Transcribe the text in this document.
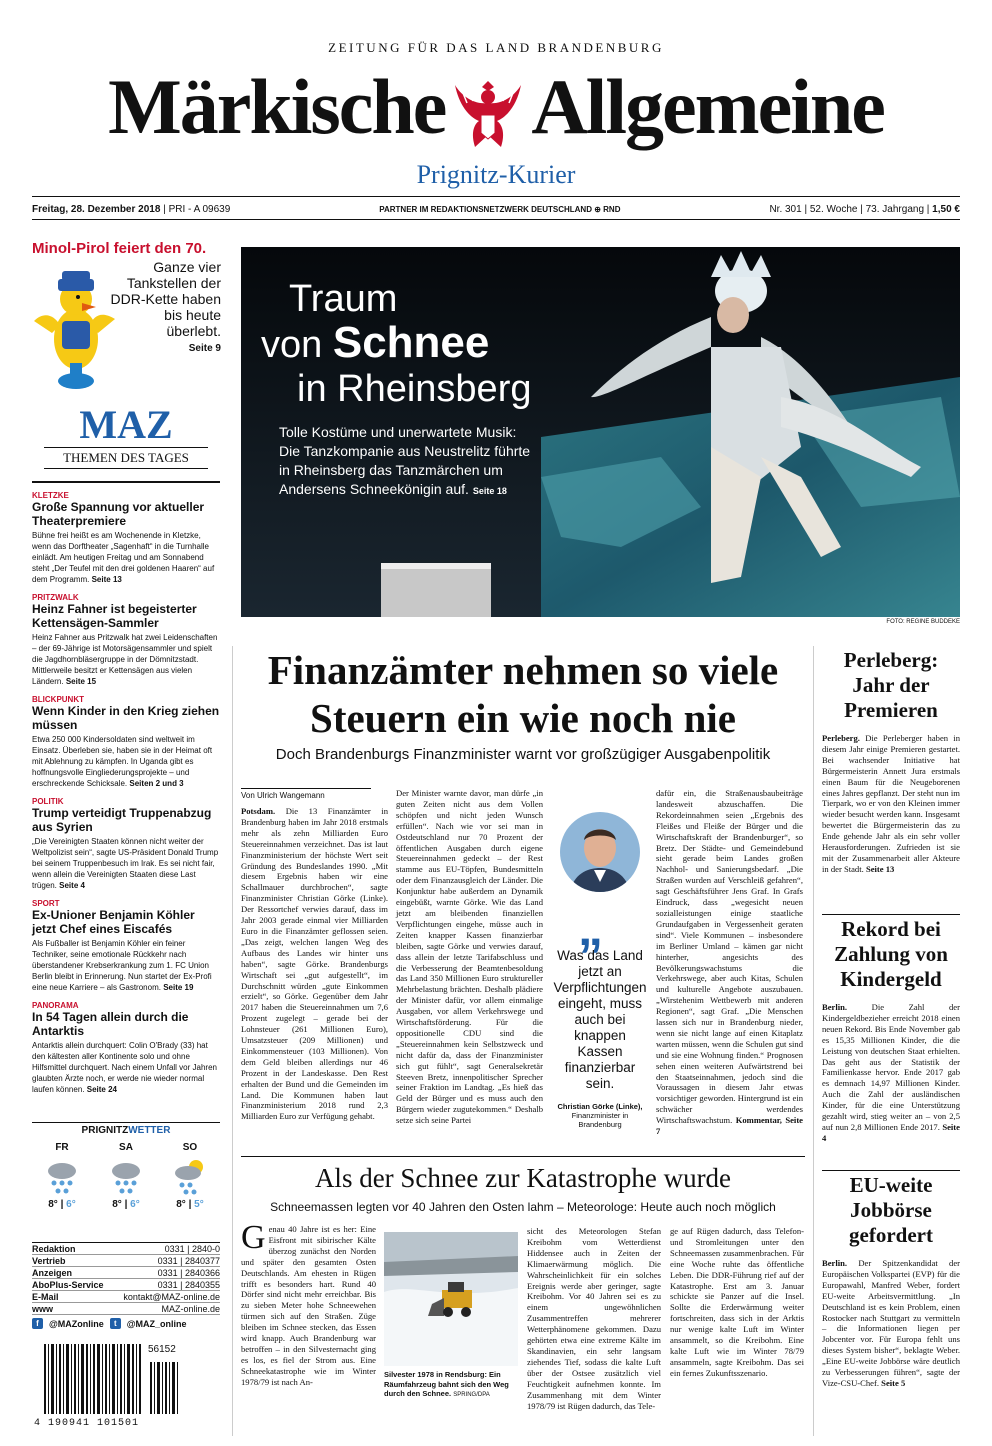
ZEITUNG FÜR DAS LAND BRANDENBURG
Märkische Allgemeine
Prignitz-Kurier
Freitag, 28. Dezember 2018 | PRI - A 09639	PARTNER IM REDAKTIONSNETZWERK DEUTSCHLAND ⊕ RND	Nr. 301 | 52. Woche | 73. Jahrgang | 1,50 €
Minol-Pirol feiert den 70.
Ganze vier Tankstellen der DDR-Kette haben bis heute überlebt.
Seite 9
MAZ
THEMEN DES TAGES
KLETZKE
Große Spannung vor aktueller Theaterpremiere
Bühne frei heißt es am Wochenende in Kletzke, wenn das Dorftheater „Sagenhaft“ in die Turnhalle einlädt. Am heutigen Freitag und am Sonnabend steht „Der Teufel mit den drei goldenen Haaren“ auf dem Programm. Seite 13
PRITZWALK
Heinz Fahner ist begeisterter Kettensägen-Sammler
Heinz Fahner aus Pritzwalk hat zwei Leidenschaften – der 69-Jährige ist Motorsägensammler und spielt die Jagdhornbläsergruppe in der Dömnitzstadt. Mittlerweile besitzt er Kettensägen aus vielen Ländern. Seite 15
BLICKPUNKT
Wenn Kinder in den Krieg ziehen müssen
Etwa 250 000 Kindersoldaten sind weltweit im Einsatz. Überleben sie, haben sie in der Heimat oft mit Ablehnung zu kämpfen. In Uganda gibt es hoffnungsvolle Eingliederungsprojekte – und erschreckende Schicksale. Seiten 2 und 3
POLITIK
Trump verteidigt Truppenabzug aus Syrien
„Die Vereinigten Staaten können nicht weiter der Weltpolizist sein“, sagte US-Präsident Donald Trump bei seinem Truppenbesuch im Irak. Es sei nicht fair, wenn allein die Vereinigten Staaten diese Last trügen. Seite 4
SPORT
Ex-Unioner Benjamin Köhler jetzt Chef eines Eiscafés
Als Fußballer ist Benjamin Köhler ein feiner Techniker, seine emotionale Rückkehr nach überstandener Krebserkrankung zum 1. FC Union Berlin bleibt in Erinnerung. Nun startet der Ex-Profi eine neue Karriere – als Gastronom. Seite 19
PANORAMA
In 54 Tagen allein durch die Antarktis
Antarktis allein durchquert: Colin O'Brady (33) hat den kältesten aller Kontinente solo und ohne Hilfsmittel durchquert. Nach einem Unfall vor Jahren glaubten Ärzte noch, er werde nie wieder normal laufen können. Seite 24
PRIGNITZWETTER
FR
8° | 6°
SA
8° | 6°
SO
8° | 5°
Redaktion	0331 | 2840-0
Vertrieb	0331 | 2840377
Anzeigen	0331 | 2840366
AboPlus-Service	0331 | 2840355
E-Mail	kontakt@MAZ-online.de
www	MAZ-online.de
f	@MAZonline	t	@MAZ_online
56152
4 190941 101501
Traum
von Schnee
in Rheinsberg
Tolle Kostüme und unerwartete Musik: Die Tanzkompanie aus Neustrelitz führte in Rheinsberg das Tanzmärchen um Andersens Schneekönigin auf. Seite 18
FOTO: REGINE BUDDEKE
Finanzämter nehmen so viele Steuern ein wie noch nie
Doch Brandenburgs Finanzminister warnt vor großzügiger Ausgabenpolitik
Von Ulrich Wangemann
Potsdam. Die 13 Finanzämter in Brandenburg haben im Jahr 2018 erstmals mehr als zehn Milliarden Euro Steuereinnahmen verzeichnet. Das ist laut Finanzministerium der höchste Wert seit Gründung des Bundeslandes 1990. „Mit diesem Ergebnis haben wir eine Schallmauer durchbrochen“, sagte Finanzminister Christian Görke (Linke). Der Ressortchef verwies darauf, dass im Jahr 2003 gerade einmal vier Milliarden Euro in die Finanzämter geflossen seien. „Das zeigt, welchen langen Weg des Aufbaus des Landes wir hinter uns haben“, sagte Görke. Brandenburgs Wirtschaft sei „gut aufgestellt“, im Durchschnitt würden „gute Einkommen erzielt“, so Görke. Gegenüber dem Jahr 2017 haben die Steuereinnahmen um 7,6 Prozent zugelegt – gerade bei der Lohnsteuer (261 Millionen Euro), Umsatzsteuer (209 Millionen) und Einkommensteuer (103 Millionen). Von dem Geld bleiben allerdings nur 46 Prozent in der Landeskasse. Den Rest erhalten der Bund und die Gemeinden im Land. Die Kommunen haben laut Finanzministerium 2018 rund 2,3 Milliarden Euro zur Verfügung gehabt.
Der Minister warnte davor, man dürfe „in guten Zeiten nicht aus dem Vollen schöpfen und nicht jeden Wunsch erfüllen“. Nach wie vor sei man in Ostdeutschland nur 70 Prozent der öffentlichen Ausgaben durch eigene Steuereinnahmen gedeckt – der Rest stamme aus EU-Töpfen, Bundesmitteln oder dem Finanzausgleich der Länder. Die Konjunktur habe außerdem an Dynamik eingebüßt, warnte Görke. Wie das Land jetzt am bleibenden finanziellen Verpflichtungen eingehe, müsse auch in Zeiten knapper Kassen finanzierbar bleiben, sagte Görke und verwies darauf, dass allein der letzte Tarifabschluss und die Verbesserung der Beamtenbesoldung das Land 350 Millionen Euro struktureller Mehrbelastung brächten. Deshalb plädiere der Minister dafür, vor allem einmalige Ausgaben, vor allem Verkehrswege und Wirtschaftsförderung. Für die oppositionelle CDU sind die „Steuereinnahmen kein Selbstzweck und nicht dafür da, dass der Finanzminister sich gut fühlt“, sagt Generalsekretär Steeven Bretz, innenpolitischer Sprecher seiner Fraktion im Landtag. „Es hieß das Geld der Bürger und es muss auch den Bürgern wieder zugutekommen.“ Deshalb setze sich seine Partei
„
Was das Land jetzt an Verpflichtungen eingeht, muss auch bei knappen Kassen finanzierbar sein.
Christian Görke (Linke),
Finanzminister in Brandenburg
dafür ein, die Straßenausbaubeiträge landesweit abzuschaffen. Die Rekordeinnahmen seien „Ergebnis des Fleißes und Fleiße der Bürger und die Wirtschaftskraft der Brandenburger“, so Bretz. Der Städte- und Gemeindebund sieht gerade beim Landes großen Nachhol- und Sanierungsbedarf. „Die Straßen wurden auf Verschleiß gefahren“, sagt Geschäftsführer Jens Graf. In Grafs Eindruck, dass „wegesicht neuen sozialleistungen einige staatliche Grundaufgaben in Vergessenheit geraten sind“. Viele Kommunen – insbesondere im Berliner Umland – kämen gar nicht hinterher, angesichts des Bevölkerungswachstums die Verkehrswege, aber auch Kitas, Schulen und kulturelle Angebote auszubauen. „Wirstehenim Wettbewerb mit anderen Regionen“, sagt Graf. „Die Menschen lassen sich nur in Brandenburg nieder, wenn sie nicht lange auf einen Kitaplatz warten müssen, wenn die Schulen gut sind und sie eine Wohnung finden.“ Prognosen sehen einen weiteren Aufwärtstrend bei den Staatseinnahmen, jedoch sind die Voraussagen in diesem Jahr etwas vorsichtiger geworden. Hintergrund ist ein schwächer werdendes Wirtschaftswachstum. Kommentar, Seite 7
Als der Schnee zur Katastrophe wurde
Schneemassen legten vor 40 Jahren den Osten lahm – Meteorologe: Heute auch noch möglich
Genau 40 Jahre ist es her: Eine Eisfront mit sibirischer Kälte überzog zunächst den Norden und später den gesamten Osten Deutschlands. Am ehesten in Rügen trifft es besonders hart. Rund 40 Dörfer sind nicht mehr erreichbar. Bis zu sieben Meter hohe Schneewehen türmen sich auf den Straßen. Züge bleiben im Schnee stecken, das Essen wird knapp. Auch Brandenburg war betroffen – in den Silvesternacht ging es los, es fiel der Strom aus. Eine Schneekatastrophe wie im Winter 1978/79 ist nach An-
Silvester 1978 in Rendsburg: Ein Räumfahrzeug bahnt sich den Weg durch den Schnee. SPRING/DPA
sicht des Meteorologen Stefan Kreibohm vom Wetterdienst Hiddensee auch in Zeiten der Klimaerwärmung möglich. Die Wahrscheinlichkeit für ein solches Ereignis werde aber geringer, sagte Kreibohm. Vor 40 Jahren sei es zu einem ungewöhnlichen Zusammentreffen mehrerer Wetterphänomene gekommen. Dazu gehörten etwa eine extreme Kälte im Skandinavien, ein sehr langsam ziehendes Tief, sodass die kalte Luft über der Ostsee zusätzlich viel Feuchtigkeit aufnehmen konnte. Im Zusammenhang mit dem Winter 1978/79 ist Rügen dadurch, das Tele-
ge auf Rügen dadurch, dass Telefon- und Stromleitungen unter den Schneemassen zusammenbrachen. Für eine Woche ruhte das öffentliche Leben. Die DDR-Führung rief auf der Katastrophe. Erst am 3. Januar schickte sie Panzer auf die Insel. Sollte die Erderwärmung weiter fortschreiten, dass sich in der Arktis nur wenige kalte Luft im Winter ansammelt, so die Kreibohm. Eine kalte Luft wie im Winter 78/79 ansammeln, sagte Kreibohm. Das sei ein fernes Zukunftsszenario.
Perleberg: Jahr der Premieren
Perleberg. Die Perleberger haben in diesem Jahr einige Premieren gestartet. Bei wachsender Initiative hat Bürgermeisterin Annett Jura erstmals einen Baum für die Neugeborenen eines Jahres gepflanzt. Der steht nun im Tierpark, wo er von den Kleinen immer wieder besucht werden kann. Insgesamt bewertet die Bürgermeisterin das zu Ende gehende Jahr als ein sehr voller Herausforderungen. Zufrieden ist sie mit der Zusammenarbeit aller Akteure in der Stadt. Seite 13
Rekord bei Zahlung von Kindergeld
Berlin.	Die Zahl der Kindergeldbezieher erreicht 2018 einen neuen Rekord. Bis Ende November gab es 15,35 Millionen Kinder, die die Leistung von deutschen Staat erhielten. Das geht aus der Statistik der Familienkasse hervor. Ende 2017 gab es demnach 14,97 Millionen Kinder. Auch die Zahl der ausländischen Kinder, für die eine Unterstützung gezahlt wird, stieg weiter an – von 2,5 auf nun 2,8 Millionen Ende 2017. Seite 4
EU-weite Jobbörse gefordert
Berlin. Der Spitzenkandidat der Europäischen Volkspartei (EVP) für die Europawahl, Manfred Weber, fordert EU-weite Arbeitsvermittlung. „In Deutschland ist es kein Problem, einen Rostocker nach Stuttgart zu vermitteln – die Informationen liegen per Jobcenter vor. Für Europa fehlt uns dieses System bisher“, beklagte Weber. „Eine EU-weite Jobbörse wäre deutlich zu Verbesserungen führen“, sagte der Vize-CSU-Chef. Seite 5
